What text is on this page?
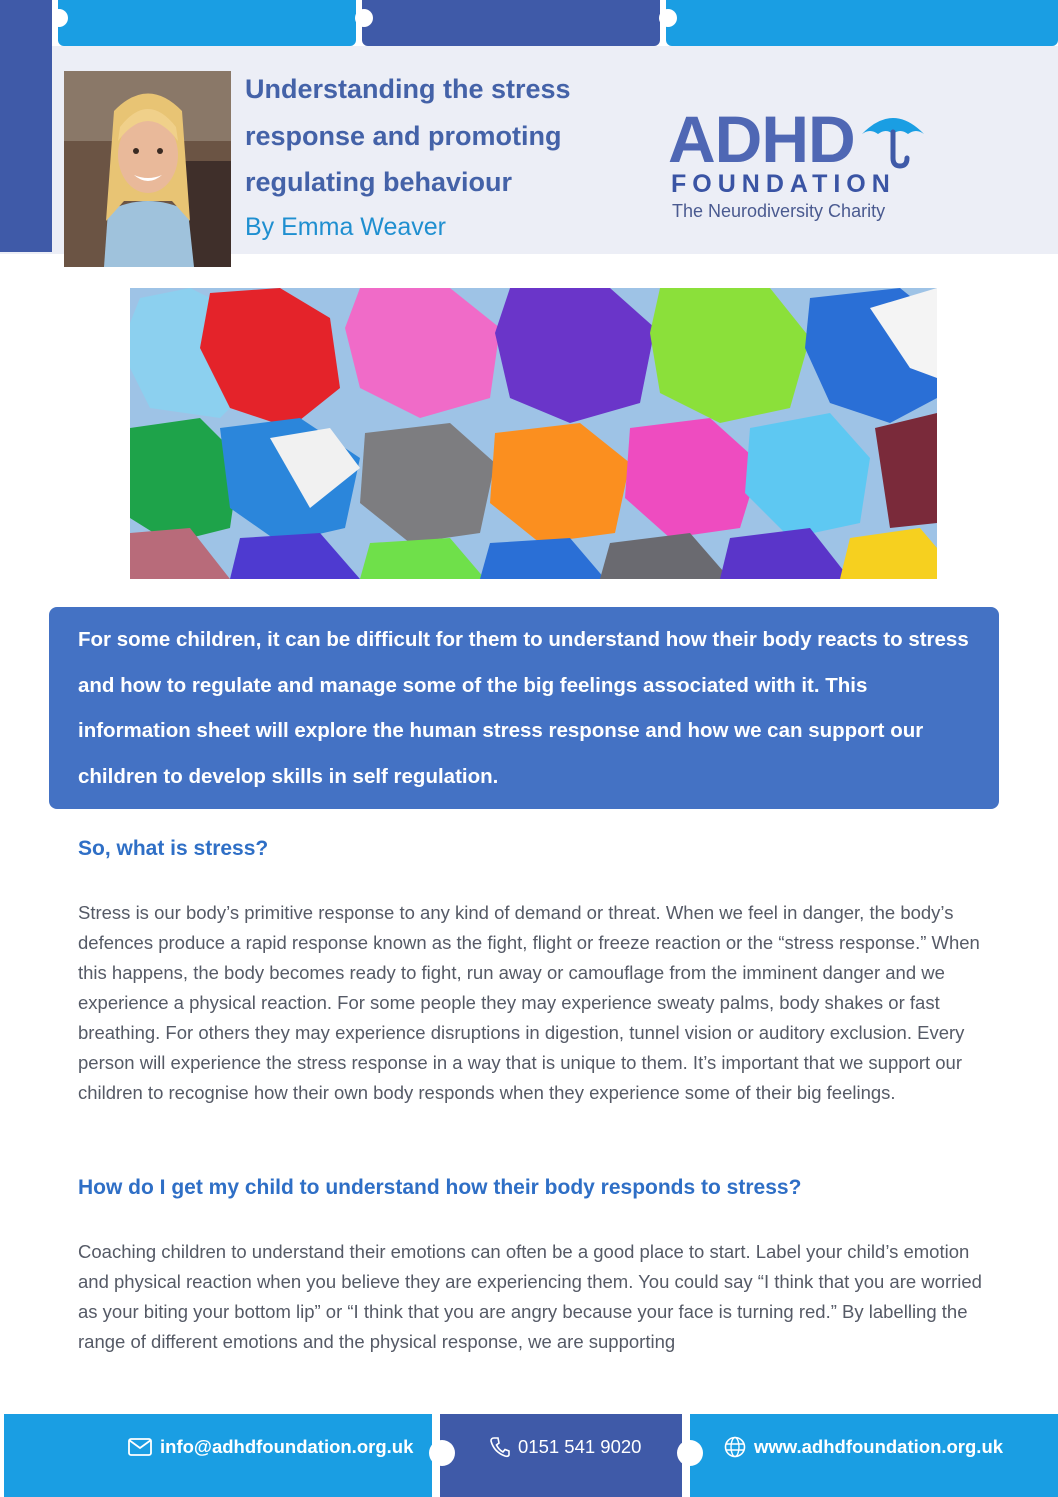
Understanding the stress
response and promoting
regulating behaviour
By Emma Weaver
ADHD
FOUNDATION
The Neurodiversity Charity

For some children, it can be difficult for them to understand how their body reacts to stress and how to regulate and manage some of the big feelings associated with it. This information sheet will explore the human stress response and how we can support our children to develop skills in self regulation.

So, what is stress?

Stress is our body’s primitive response to any kind of demand or threat. When we feel in danger, the body’s defences produce a rapid response known as the fight, flight or freeze reaction or the “stress response.” When this happens, the body becomes ready to fight, run away or camouflage from the imminent danger and we experience a physical reaction. For some people they may experience sweaty palms, body shakes or fast breathing. For others they may experience disruptions in digestion, tunnel vision or auditory exclusion. Every person will experience the stress response in a way that is unique to them. It’s important that we support our children to recognise how their own body responds when they experience some of their big feelings.

How do I get my child to understand how their body responds to stress?

Coaching children to understand their emotions can often be a good place to start. Label your child’s emotion and physical reaction when you believe they are experiencing them. You could say “I think that you are worried as your biting your bottom lip” or “I think that you are angry because your face is turning red.” By labelling the range of different emotions and the physical response, we are supporting

info@adhdfoundation.org.uk	0151 541 9020	www.adhdfoundation.org.uk
